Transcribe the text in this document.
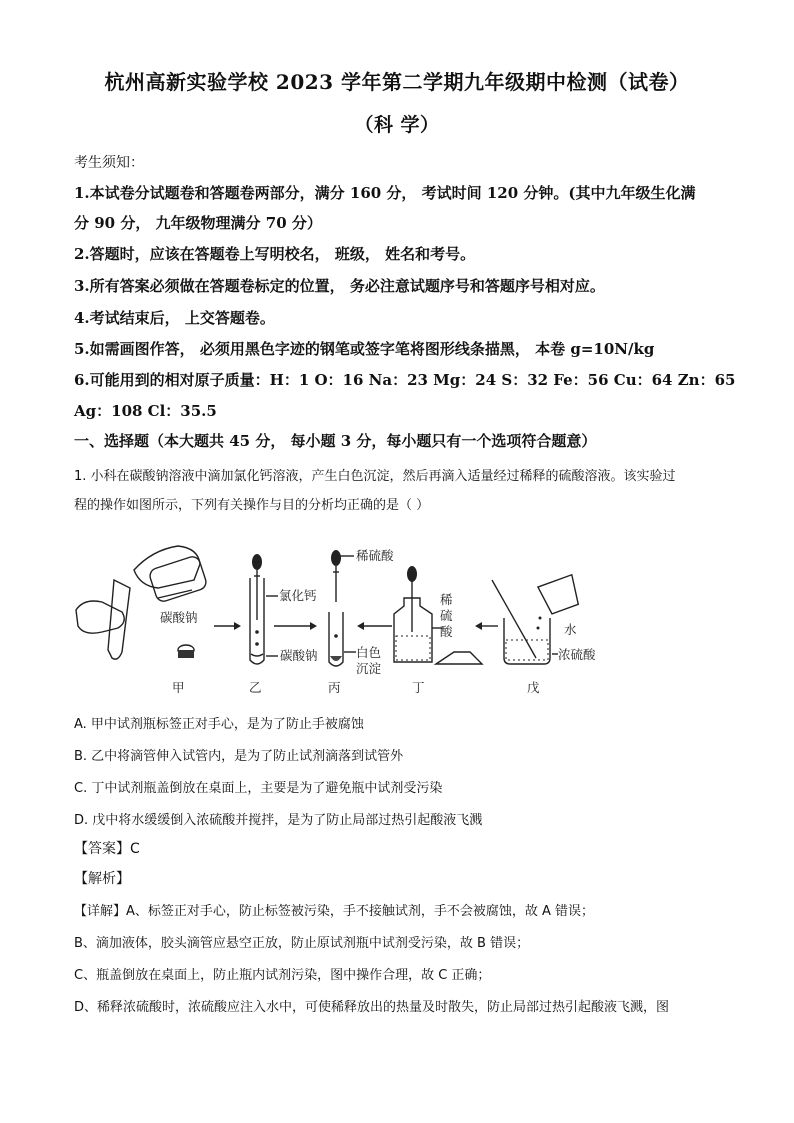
杭州高新实验学校 2023 学年第二学期九年级期中检测（试卷）
（科 学）
考生须知：
1.本试卷分试题卷和答题卷两部分，满分 160 分， 考试时间 120 分钟。(其中九年级生化满
分 90 分， 九年级物理满分 70 分）
2.答题时，应该在答题卷上写明校名， 班级， 姓名和考号。
3.所有答案必须做在答题卷标定的位置， 务必注意试题序号和答题序号相对应。
4.考试结束后， 上交答题卷。
5.如需画图作答， 必须用黑色字迹的钢笔或签字笔将图形线条描黑， 本卷 g=10N/kg
6.可能用到的相对原子质量：H：1 O：16 Na：23 Mg：24 S：32 Fe：56 Cu：64 Zn：65
Ag：108 Cl：35.5
一、选择题（本大题共 45 分， 每小题 3 分，每小题只有一个选项符合题意）
1. 小科在碳酸钠溶液中滴加氯化钙溶液，产生白色沉淀，然后再滴入适量经过稀释的硫酸溶液。该实验过
程的操作如图所示，下列有关操作与目的分析均正确的是（ ）
碳酸钠
甲
氯化钙
碳酸钠
乙
稀硫酸
白色
沉淀
丙
稀
硫
酸
丁
水
浓硫酸
戊
A. 甲中试剂瓶标签正对手心，是为了防止手被腐蚀
B. 乙中将滴管伸入试管内，是为了防止试剂滴落到试管外
C. 丁中试剂瓶盖倒放在桌面上，主要是为了避免瓶中试剂受污染
D. 戊中将水缓缓倒入浓硫酸并搅拌，是为了防止局部过热引起酸液飞溅
【答案】C
【解析】
【详解】A、标签正对手心，防止标签被污染，手不接触试剂，手不会被腐蚀，故 A 错误；
B、滴加液体，胶头滴管应悬空正放，防止原试剂瓶中试剂受污染，故 B 错误；
C、瓶盖倒放在桌面上，防止瓶内试剂污染，图中操作合理，故 C 正确；
D、稀释浓硫酸时，浓硫酸应注入水中，可使稀释放出的热量及时散失，防止局部过热引起酸液飞溅，图
